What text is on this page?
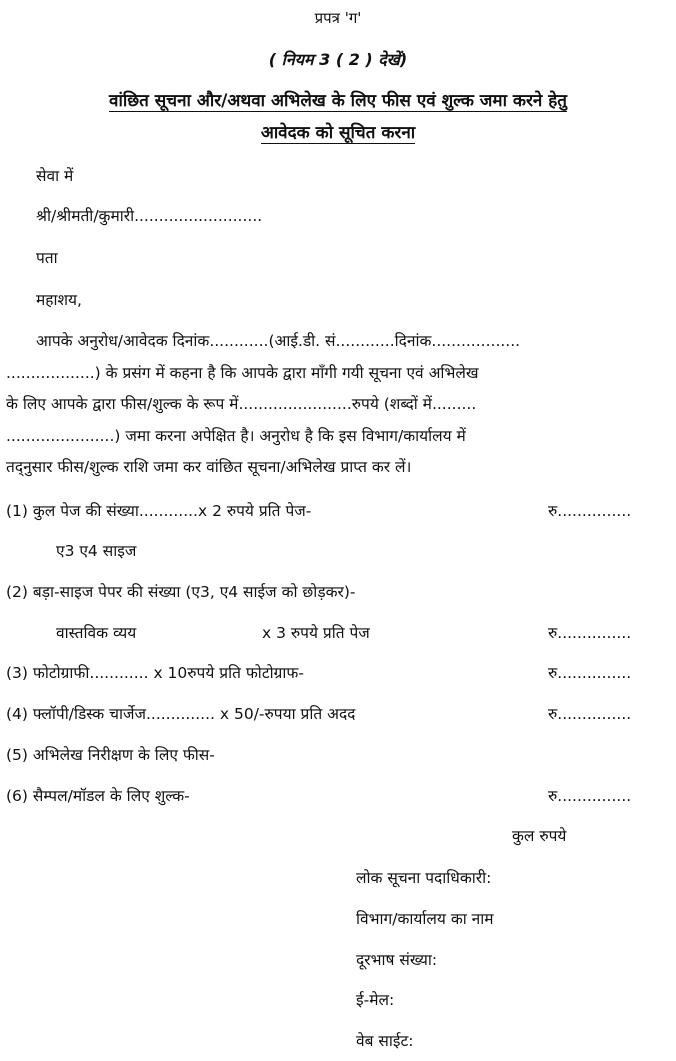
प्रपत्र 'ग'
( नियम 3 ( 2 ) देखें)
वांछित सूचना और/अथवा अभिलेख के लिए फीस एवं शुल्क जमा करने हेतु
आवेदक को सूचित करना
सेवा में
श्री/श्रीमती/कुमारी..........................
पता
महाशय,
आपके अनुरोध/आवेदक दिनांक............(आई.डी. सं............दिनांक..................
..................) के प्रसंग में कहना है कि आपके द्वारा माँगी गयी सूचना एवं अभिलेख
के लिए आपके द्वारा फीस/शुल्क के रूप में.......................रुपये (शब्दों में.........
......................) जमा करना अपेक्षित है। अनुरोध है कि इस विभाग/कार्यालय में
तद्नुसार फीस/शुल्क राशि जमा कर वांछित सूचना/अभिलेख प्राप्त कर लें।
(1) कुल पेज की संख्या............x 2 रुपये प्रति पेज-	रु...............
ए3 ए4 साइज
(2) बड़ा-साइज पेपर की संख्या (ए3, ए4 साईज को छोड़कर)-
वास्तविक व्यय	x 3 रुपये प्रति पेज	रु...............
(3) फोटोग्राफी............ x 10रुपये प्रति फोटोग्राफ-	रु...............
(4) फ्लॉपी/डिस्क चार्जेज.............. x 50/-रुपया प्रति अदद	रु...............
(5) अभिलेख निरीक्षण के लिए फीस-
(6) सैम्पल/मॉडल के लिए शुल्क-	रु...............
कुल रुपये
लोक सूचना पदाधिकारी:
विभाग/कार्यालय का नाम
दूरभाष संख्या:
ई-मेल:
वेब साईट:
